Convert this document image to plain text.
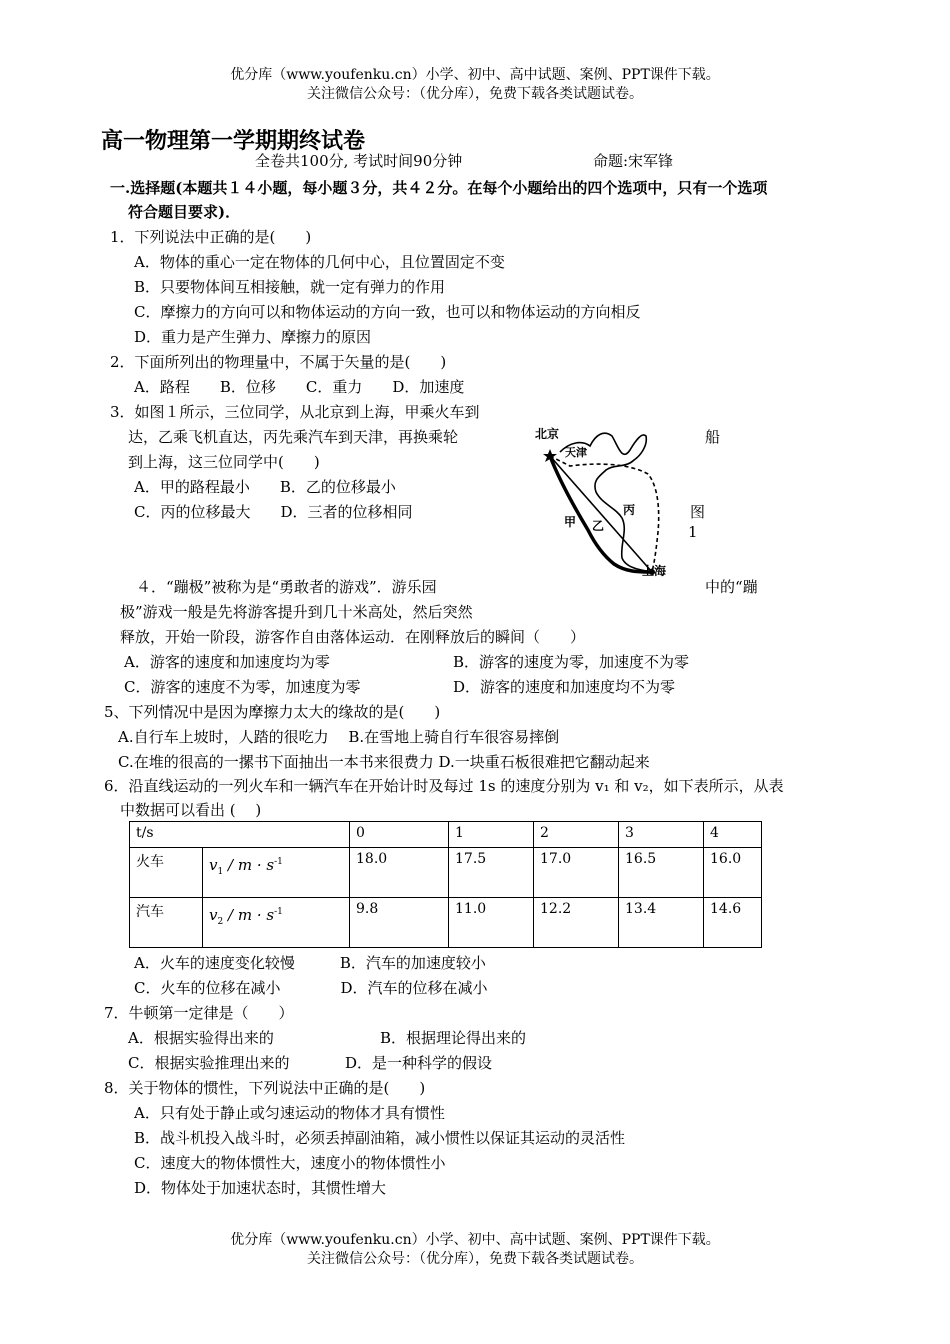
优分库（www.youfenku.cn）小学、初中、高中试题、案例、PPT课件下载。
关注微信公众号：（优分库），免费下载各类试题试卷。
高一物理第一学期期终试卷
全卷共100分, 考试时间90分钟	命题:宋军锋
一.选择题(本题共１４小题，每小题３分，共４２分。在每个小题给出的四个选项中，只有一个选项
符合题目要求)．
1．下列说法中正确的是(　　)
A．物体的重心一定在物体的几何中心，且位置固定不变
B．只要物体间互相接触，就一定有弹力的作用
C．摩擦力的方向可以和物体运动的方向一致，也可以和物体运动的方向相反
D．重力是产生弹力、摩擦力的原因
2．下面所列出的物理量中，不属于矢量的是(　　)
A．路程　　B．位移　　C．重力　　D．加速度
3．如图１所示，三位同学，从北京到上海，甲乘火车到
达，乙乘飞机直达，丙先乘汽车到天津，再换乘轮	船
到上海，这三位同学中(　　)
A．甲的路程最小　　B．乙的位移最小
C．丙的位移最大　　D．三者的位移相同	图
1
北京
天津
上海
甲 乙
丙
４．“蹦极”被称为是“勇敢者的游戏”．游乐园	中的“蹦
极”游戏一般是先将游客提升到几十米高处，然后突然
释放，开始一阶段，游客作自由落体运动．在刚释放后的瞬间（　　）
A．游客的速度和加速度均为零	B．游客的速度为零，加速度不为零
C．游客的速度不为零，加速度为零	D．游客的速度和加速度均不为零
5、下列情况中是因为摩擦力太大的缘故的是(　　)
A.自行车上坡时，人踏的很吃力　 B.在雪地上骑自行车很容易摔倒
C.在堆的很高的一摞书下面抽出一本书来很费力 D.一块重石板很难把它翻动起来
6．沿直线运动的一列火车和一辆汽车在开始计时及每过 1s 的速度分别为 v₁ 和 v₂，如下表所示，从表
中数据可以看出 (　 )
t/s		0	1	2	3	4
火车	$v_1 / m \cdot s^{-1}$	18.0	17.5	17.0	16.5	16.0
汽车	$v_2 / m \cdot s^{-1}$	9.8	11.0	12.2	13.4	14.6
A．火车的速度变化较慢　　　B．汽车的加速度较小
C．火车的位移在减小　　　　D．汽车的位移在减小
7．牛顿第一定律是（　　）
A．根据实验得出来的	B．根据理论得出来的
C．根据实验推理出来的	D．是一种科学的假设
8．关于物体的惯性，下列说法中正确的是(　　)
A．只有处于静止或匀速运动的物体才具有惯性
B．战斗机投入战斗时，必须丢掉副油箱，减小惯性以保证其运动的灵活性
C．速度大的物体惯性大，速度小的物体惯性小
D．物体处于加速状态时，其惯性增大
优分库（www.youfenku.cn）小学、初中、高中试题、案例、PPT课件下载。
关注微信公众号：（优分库），免费下载各类试题试卷。
